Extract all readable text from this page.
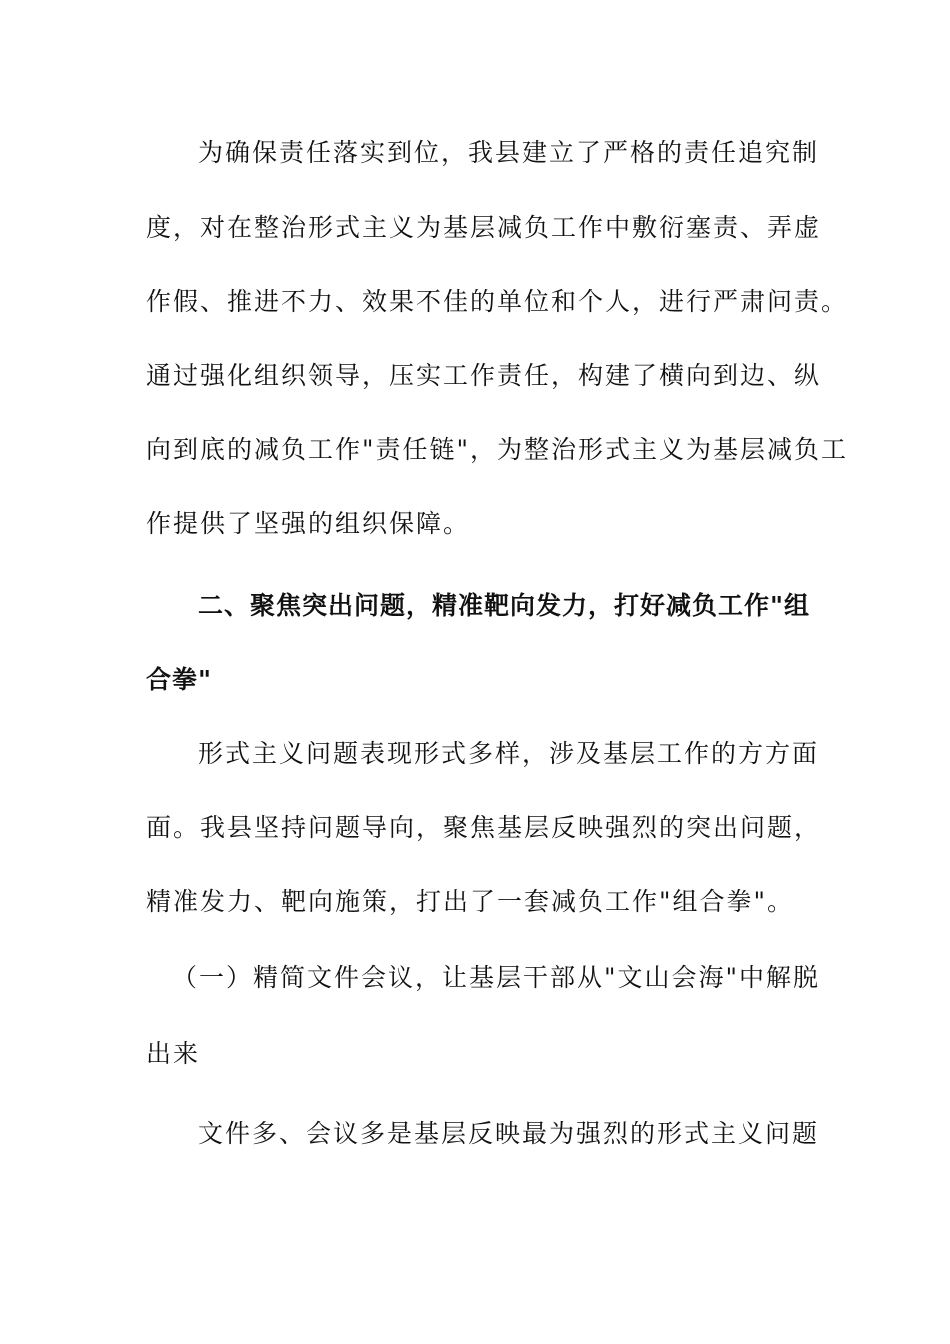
为确保责任落实到位，我县建立了严格的责任追究制
度，对在整治形式主义为基层减负工作中敷衍塞责、弄虚
作假、推进不力、效果不佳的单位和个人，进行严肃问责。
通过强化组织领导，压实工作责任，构建了横向到边、纵
向到底的减负工作"责任链"，为整治形式主义为基层减负工
作提供了坚强的组织保障。
二、聚焦突出问题，精准靶向发力，打好减负工作"组
合拳"
形式主义问题表现形式多样，涉及基层工作的方方面
面。我县坚持问题导向，聚焦基层反映强烈的突出问题，
精准发力、靶向施策，打出了一套减负工作"组合拳"。
（一）精简文件会议，让基层干部从"文山会海"中解脱
出来
文件多、会议多是基层反映最为强烈的形式主义问题
